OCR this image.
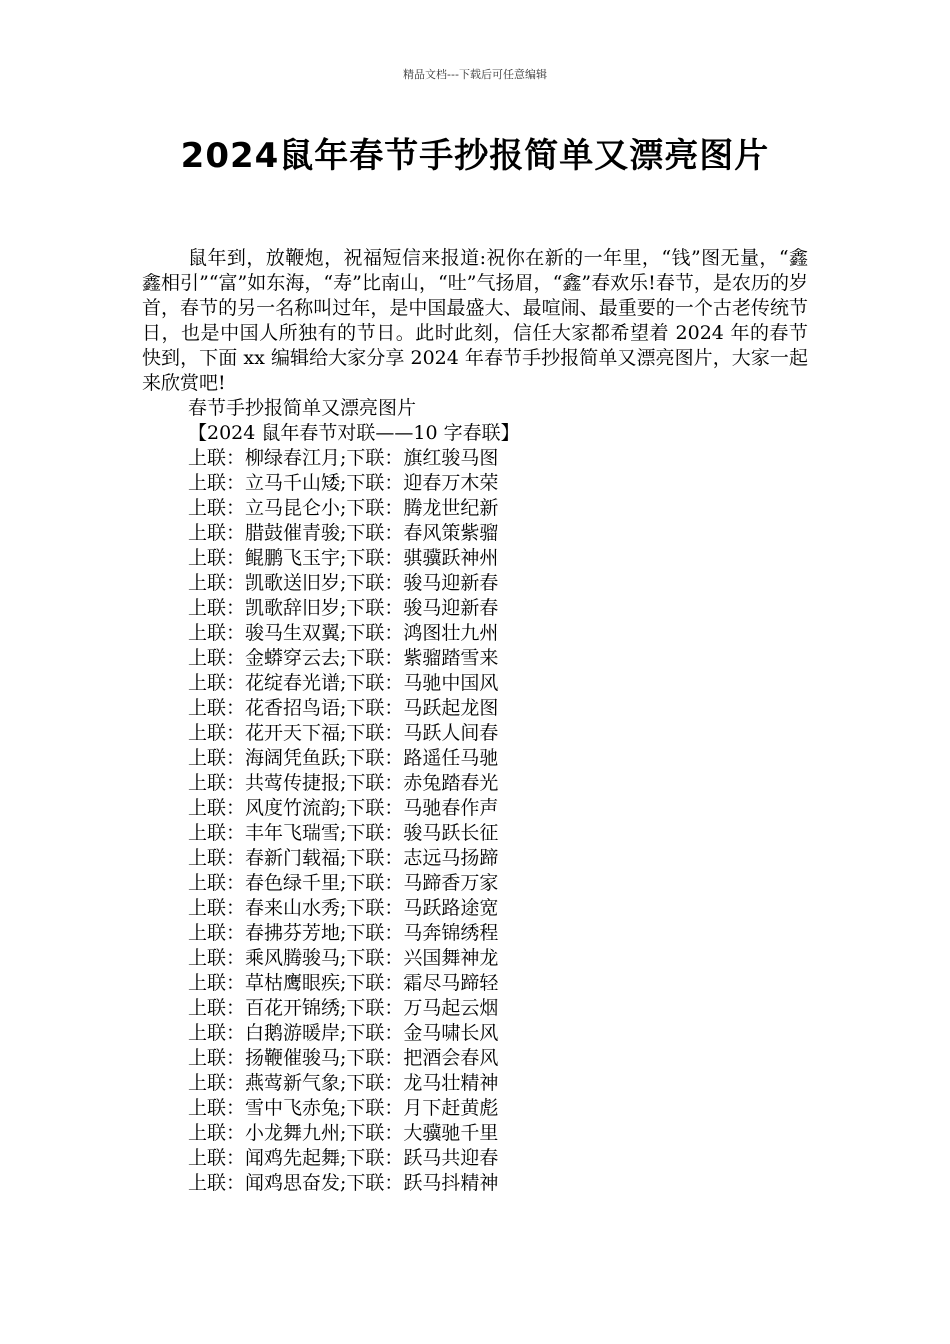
精品文档---下载后可任意编辑
2024鼠年春节手抄报简单又漂亮图片

鼠年到，放鞭炮，祝福短信来报道:祝你在新的一年里，“钱”图无量，“鑫鑫相引”“富”如东海，“寿”比南山，“吐”气扬眉，“鑫”春欢乐!春节，是农历的岁首，春节的另一名称叫过年，是中国最盛大、最喧闹、最重要的一个古老传统节日，也是中国人所独有的节日。此时此刻，信任大家都希望着 2024 年的春节快到，下面 xx 编辑给大家分享 2024 年春节手抄报简单又漂亮图片，大家一起来欣赏吧!

春节手抄报简单又漂亮图片
【2024 鼠年春节对联——10 字春联】
上联：柳绿春江月;下联：旗红骏马图
上联：立马千山矮;下联：迎春万木荣
上联：立马昆仑小;下联：腾龙世纪新
上联：腊鼓催青骏;下联：春风策紫骝
上联：鲲鹏飞玉宇;下联：骐骥跃神州
上联：凯歌送旧岁;下联：骏马迎新春
上联：凯歌辞旧岁;下联：骏马迎新春
上联：骏马生双翼;下联：鸿图壮九州
上联：金蟒穿云去;下联：紫骝踏雪来
上联：花绽春光谱;下联：马驰中国风
上联：花香招鸟语;下联：马跃起龙图
上联：花开天下福;下联：马跃人间春
上联：海阔凭鱼跃;下联：路遥任马驰
上联：共莺传捷报;下联：赤兔踏春光
上联：风度竹流韵;下联：马驰春作声
上联：丰年飞瑞雪;下联：骏马跃长征
上联：春新门载福;下联：志远马扬蹄
上联：春色绿千里;下联：马蹄香万家
上联：春来山水秀;下联：马跃路途宽
上联：春拂芬芳地;下联：马奔锦绣程
上联：乘风腾骏马;下联：兴国舞神龙
上联：草枯鹰眼疾;下联：霜尽马蹄轻
上联：百花开锦绣;下联：万马起云烟
上联：白鹅游暖岸;下联：金马啸长风
上联：扬鞭催骏马;下联：把酒会春风
上联：燕莺新气象;下联：龙马壮精神
上联：雪中飞赤兔;下联：月下赶黄彪
上联：小龙舞九州;下联：大骥驰千里
上联：闻鸡先起舞;下联：跃马共迎春
上联：闻鸡思奋发;下联：跃马抖精神
